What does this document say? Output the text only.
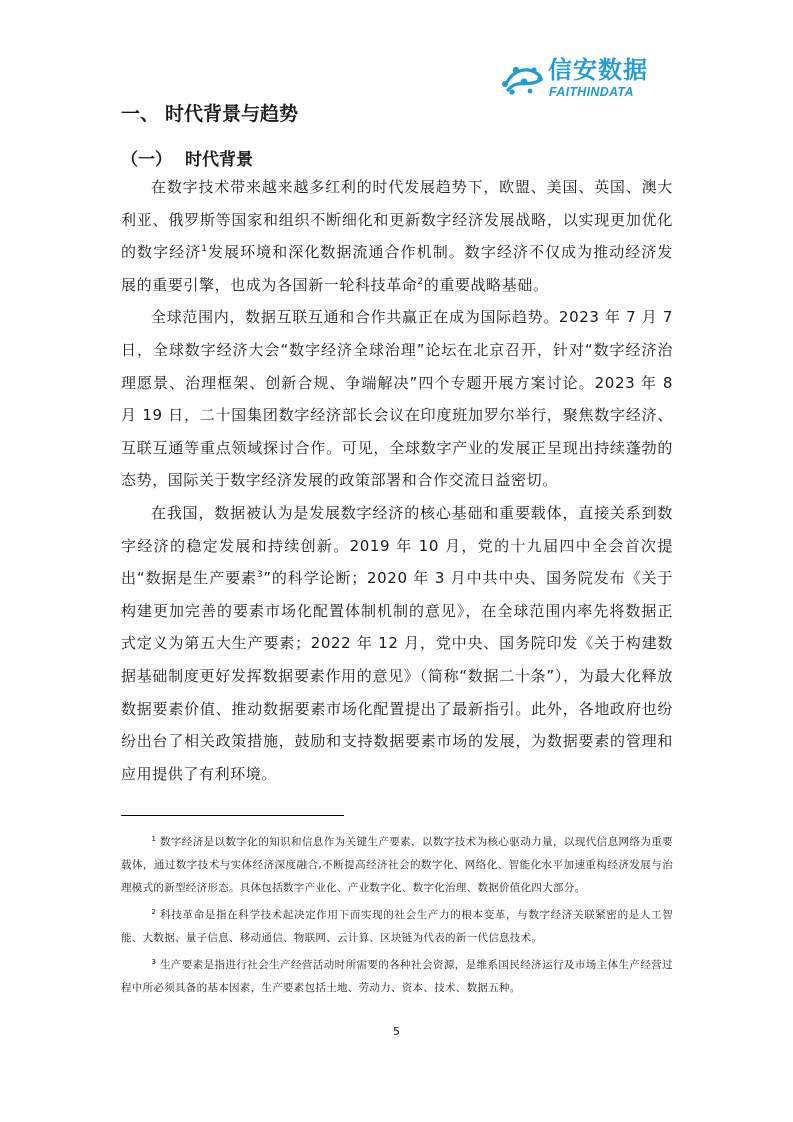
信安数据
FAITHINDATA
一、 时代背景与趋势
（一） 时代背景

在数字技术带来越来越多红利的时代发展趋势下，欧盟、美国、英国、澳大利亚、俄罗斯等国家和组织不断细化和更新数字经济发展战略，以实现更加优化的数字经济$^1$发展环境和深化数据流通合作机制。数字经济不仅成为推动经济发展的重要引擎，也成为各国新一轮科技革命$^2$的重要战略基础。

全球范围内，数据互联互通和合作共赢正在成为国际趋势。2023 年 7 月 7 日，全球数字经济大会“数字经济全球治理”论坛在北京召开，针对“数字经济治理愿景、治理框架、创新合规、争端解决”四个专题开展方案讨论。2023 年 8 月 19 日，二十国集团数字经济部长会议在印度班加罗尔举行，聚焦数字经济、互联互通等重点领域探讨合作。可见，全球数字产业的发展正呈现出持续蓬勃的态势，国际关于数字经济发展的政策部署和合作交流日益密切。

在我国，数据被认为是发展数字经济的核心基础和重要载体，直接关系到数字经济的稳定发展和持续创新。2019 年 10 月，党的十九届四中全会首次提出“数据是生产要素$^3$”的科学论断；2020 年 3 月中共中央、国务院发布《关于构建更加完善的要素市场化配置体制机制的意见》，在全球范围内率先将数据正式定义为第五大生产要素；2022 年 12 月，党中央、国务院印发《关于构建数据基础制度更好发挥数据要素作用的意见》（简称“数据二十条”），为最大化释放数据要素价值、推动数据要素市场化配置提出了最新指引。此外，各地政府也纷纷出台了相关政策措施，鼓励和支持数据要素市场的发展，为数据要素的管理和应用提供了有利环境。

$^1$ 数字经济是以数字化的知识和信息作为关键生产要素，以数字技术为核心驱动力量，以现代信息网络为重要载体，通过数字技术与实体经济深度融合,不断提高经济社会的数字化、网络化、智能化水平加速重构经济发展与治理模式的新型经济形态。具体包括数字产业化、产业数字化、数字化治理、数据价值化四大部分。

$^2$ 科技革命是指在科学技术起决定作用下而实现的社会生产力的根本变革，与数字经济关联紧密的是人工智能、大数据、量子信息、移动通信、物联网、云计算、区块链为代表的新一代信息技术。

$^3$ 生产要素是指进行社会生产经营活动时所需要的各种社会资源，是维系国民经济运行及市场主体生产经营过程中所必须具备的基本因素，生产要素包括土地、劳动力、资本、技术、数据五种。

5
